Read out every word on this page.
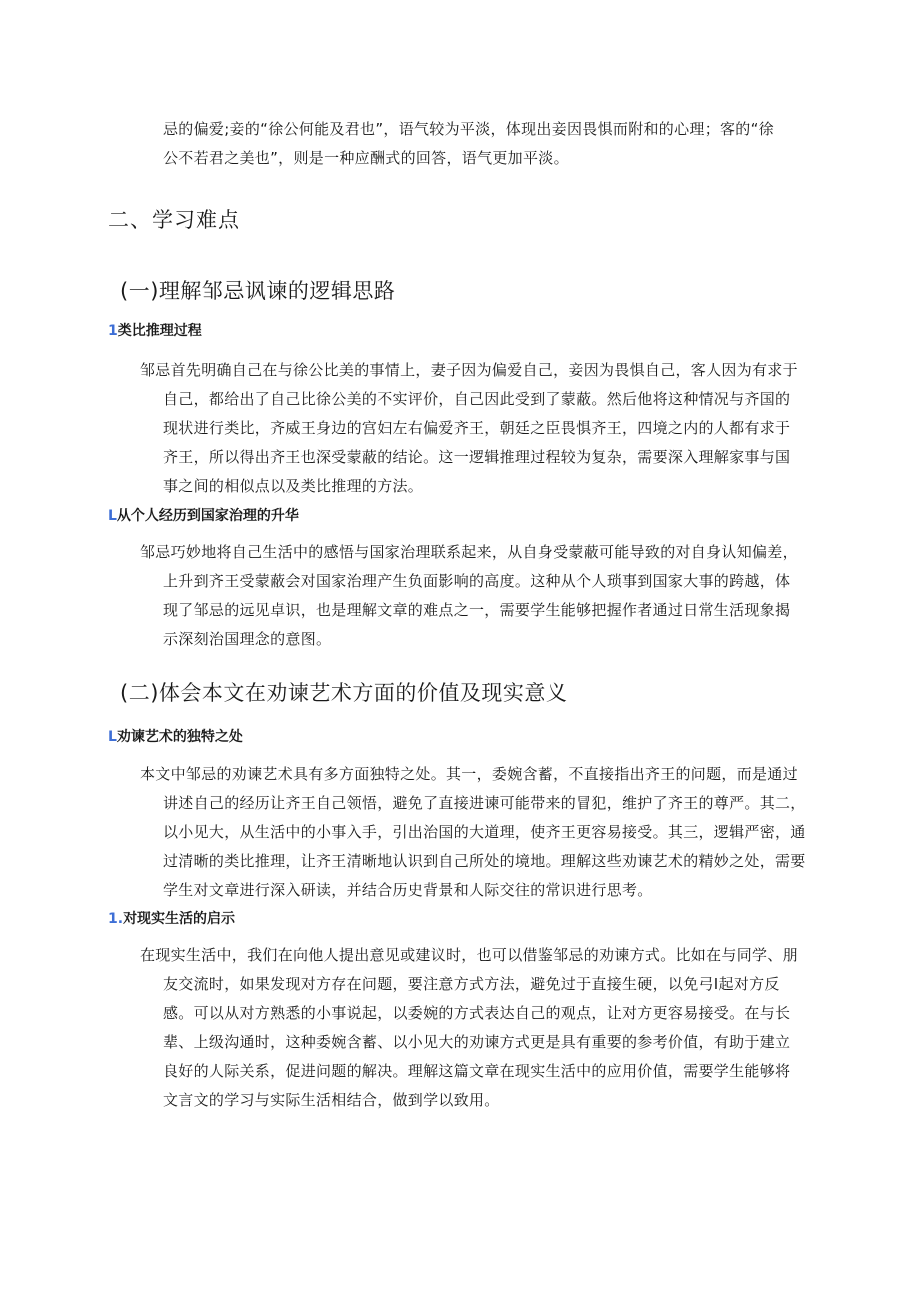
忌的偏爱;妾的“徐公何能及君也”，语气较为平淡，体现出妾因畏惧而附和的心理；客的“徐
公不若君之美也”，则是一种应酬式的回答，语气更加平淡。
二、学习难点
(一)理解邹忌讽谏的逻辑思路
1类比推理过程
邹忌首先明确自己在与徐公比美的事情上，妻子因为偏爱自己，妾因为畏惧自己，客人因为有求于
自己，都给出了自己比徐公美的不实评价，自己因此受到了蒙蔽。然后他将这种情况与齐国的
现状进行类比，齐威王身边的宫妇左右偏爱齐王，朝廷之臣畏惧齐王，四境之内的人都有求于
齐王，所以得出齐王也深受蒙蔽的结论。这一逻辑推理过程较为复杂，需要深入理解家事与国
事之间的相似点以及类比推理的方法。
L从个人经历到国家治理的升华
邹忌巧妙地将自己生活中的感悟与国家治理联系起来，从自身受蒙蔽可能导致的对自身认知偏差，
上升到齐王受蒙蔽会对国家治理产生负面影响的高度。这种从个人琐事到国家大事的跨越，体
现了邹忌的远见卓识，也是理解文章的难点之一，需要学生能够把握作者通过日常生活现象揭
示深刻治国理念的意图。
(二)体会本文在劝谏艺术方面的价值及现实意义
L劝谏艺术的独特之处
本文中邹忌的劝谏艺术具有多方面独特之处。其一，委婉含蓄，不直接指出齐王的问题，而是通过
讲述自己的经历让齐王自己领悟，避免了直接进谏可能带来的冒犯，维护了齐王的尊严。其二，
以小见大，从生活中的小事入手，引出治国的大道理，使齐王更容易接受。其三，逻辑严密，通
过清晰的类比推理，让齐王清晰地认识到自己所处的境地。理解这些劝谏艺术的精妙之处，需要
学生对文章进行深入研读，并结合历史背景和人际交往的常识进行思考。
1.对现实生活的启示
在现实生活中，我们在向他人提出意见或建议时，也可以借鉴邹忌的劝谏方式。比如在与同学、朋
友交流时，如果发现对方存在问题，要注意方式方法，避免过于直接生硬，以免弓I起对方反
感。可以从对方熟悉的小事说起，以委婉的方式表达自己的观点，让对方更容易接受。在与长
辈、上级沟通时，这种委婉含蓄、以小见大的劝谏方式更是具有重要的参考价值，有助于建立
良好的人际关系，促进问题的解决。理解这篇文章在现实生活中的应用价值，需要学生能够将
文言文的学习与实际生活相结合，做到学以致用。
